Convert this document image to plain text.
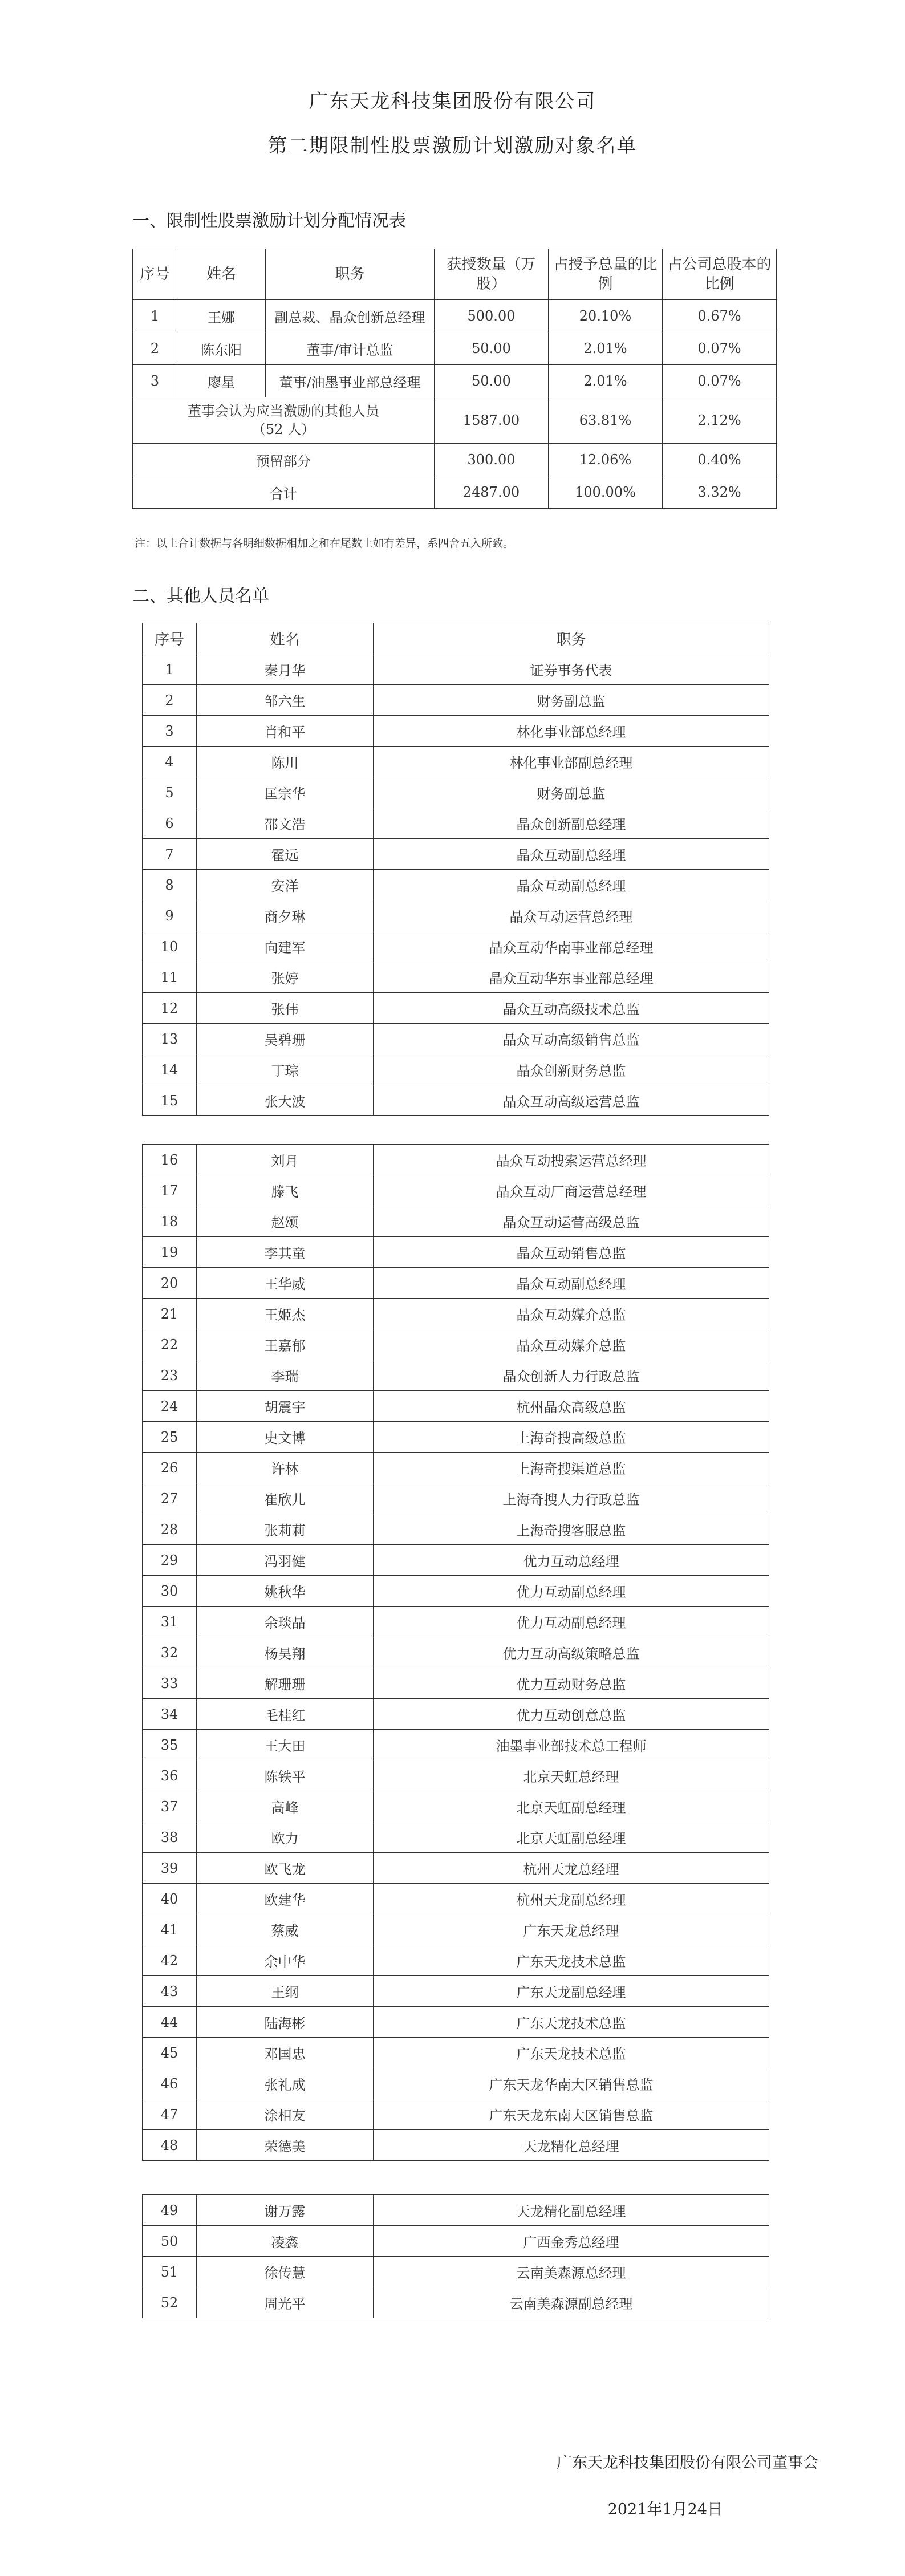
广东天龙科技集团股份有限公司
第二期限制性股票激励计划激励对象名单
一、限制性股票激励计划分配情况表
序号	姓名	职务	获授数量（万股）	占授予总量的比例	占公司总股本的比例
1	王娜	副总裁、晶众创新总经理	500.00	20.10%	0.67%
2	陈东阳	董事/审计总监	50.00	2.01%	0.07%
3	廖星	董事/油墨事业部总经理	50.00	2.01%	0.07%

董事会认为应当激励的其他人员
（52 人）			1587.00	63.81%	2.12%
预留部分			300.00	12.06%	0.40%
合计			2487.00	100.00%	3.32%
注：以上合计数据与各明细数据相加之和在尾数上如有差异，系四舍五入所致。
二、其他人员名单
序号	姓名	职务
1	秦月华	证券事务代表
2	邹六生	财务副总监
3	肖和平	林化事业部总经理
4	陈川	林化事业部副总经理
5	匡宗华	财务副总监
6	邵文浩	晶众创新副总经理
7	霍远	晶众互动副总经理
8	安洋	晶众互动副总经理
9	商夕琳	晶众互动运营总经理
10	向建军	晶众互动华南事业部总经理
11	张婷	晶众互动华东事业部总经理
12	张伟	晶众互动高级技术总监
13	吴碧珊	晶众互动高级销售总监
14	丁琮	晶众创新财务总监
15	张大波	晶众互动高级运营总监
16	刘月	晶众互动搜索运营总经理
17	滕飞	晶众互动厂商运营总经理
18	赵颂	晶众互动运营高级总监
19	李其童	晶众互动销售总监
20	王华威	晶众互动副总经理
21	王姬杰	晶众互动媒介总监
22	王嘉郁	晶众互动媒介总监
23	李瑞	晶众创新人力行政总监
24	胡震宇	杭州晶众高级总监
25	史文博	上海奇搜高级总监
26	许林	上海奇搜渠道总监
27	崔欣儿	上海奇搜人力行政总监
28	张莉莉	上海奇搜客服总监
29	冯羽健	优力互动总经理
30	姚秋华	优力互动副总经理
31	余琰晶	优力互动副总经理
32	杨昊翔	优力互动高级策略总监
33	解珊珊	优力互动财务总监
34	毛桂红	优力互动创意总监
35	王大田	油墨事业部技术总工程师
36	陈铁平	北京天虹总经理
37	高峰	北京天虹副总经理
38	欧力	北京天虹副总经理
39	欧飞龙	杭州天龙总经理
40	欧建华	杭州天龙副总经理
41	蔡威	广东天龙总经理
42	余中华	广东天龙技术总监
43	王纲	广东天龙副总经理
44	陆海彬	广东天龙技术总监
45	邓国忠	广东天龙技术总监
46	张礼成	广东天龙华南大区销售总监
47	涂相友	广东天龙东南大区销售总监
48	荣德美	天龙精化总经理
49	谢万露	天龙精化副总经理
50	凌鑫	广西金秀总经理
51	徐传慧	云南美森源总经理
52	周光平	云南美森源副总经理
广东天龙科技集团股份有限公司董事会
2021年1月24日
